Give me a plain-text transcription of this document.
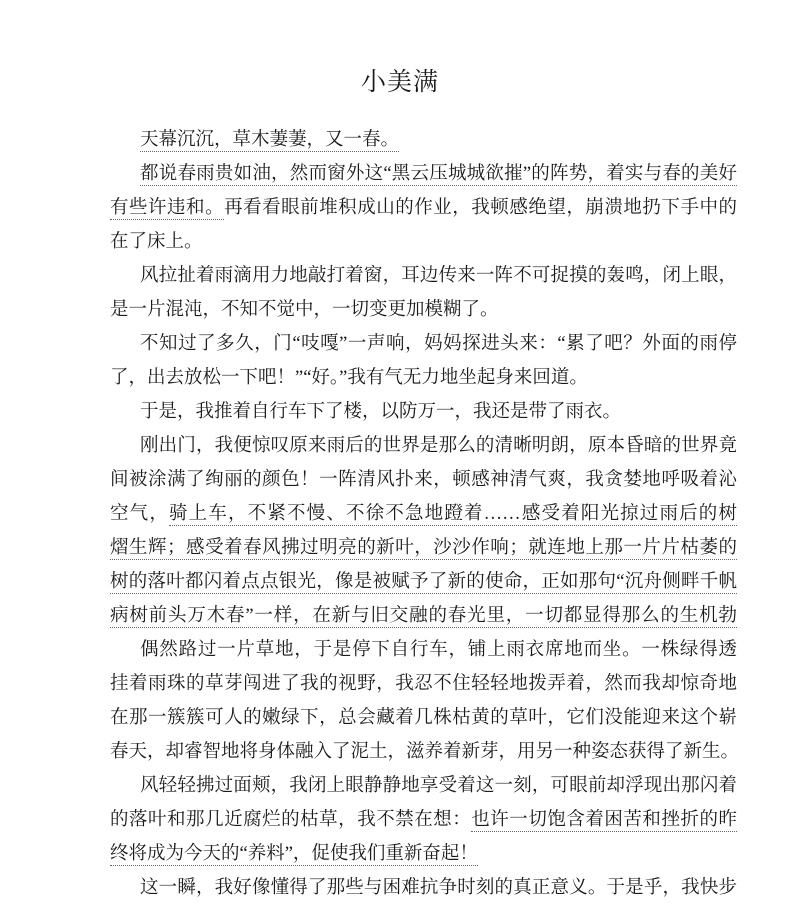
小美满
天幕沉沉，草木萋萋，又一春。
都说春雨贵如油，然而窗外这“黑云压城城欲摧”的阵势，着实与春的美好
有些许违和。再看看眼前堆积成山的作业，我顿感绝望，崩溃地扔下手中的
在了床上。
风拉扯着雨滴用力地敲打着窗，耳边传来一阵不可捉摸的轰鸣，闭上眼，
是一片混沌，不知不觉中，一切变更加模糊了。
不知过了多久，门“吱嘎”一声响，妈妈探进头来：“累了吧？外面的雨停
了，出去放松一下吧！”“好。”我有气无力地坐起身来回道。
于是，我推着自行车下了楼，以防万一，我还是带了雨衣。
刚出门，我便惊叹原来雨后的世界是那么的清晰明朗，原本昏暗的世界竟
间被涂满了绚丽的颜色！一阵清风扑来，顿感神清气爽，我贪婪地呼吸着沁
空气，骑上车，不紧不慢、不徐不急地蹬着……感受着阳光掠过雨后的树
熠生辉；感受着春风拂过明亮的新叶，沙沙作响；就连地上那一片片枯萎的
树的落叶都闪着点点银光，像是被赋予了新的使命，正如那句“沉舟侧畔千帆
病树前头万木春”一样，在新与旧交融的春光里，一切都显得那么的生机勃
偶然路过一片草地，于是停下自行车，铺上雨衣席地而坐。一株绿得透
挂着雨珠的草芽闯进了我的视野，我忍不住轻轻地拨弄着，然而我却惊奇地
在那一簇簇可人的嫩绿下，总会藏着几株枯黄的草叶，它们没能迎来这个崭
春天，却睿智地将身体融入了泥土，滋养着新芽，用另一种姿态获得了新生。
风轻轻拂过面颊，我闭上眼静静地享受着这一刻，可眼前却浮现出那闪着
的落叶和那几近腐烂的枯草，我不禁在想：也许一切饱含着困苦和挫折的昨
终将成为今天的“养料”，促使我们重新奋起！
这一瞬，我好像懂得了那些与困难抗争时刻的真正意义。于是乎，我快步
